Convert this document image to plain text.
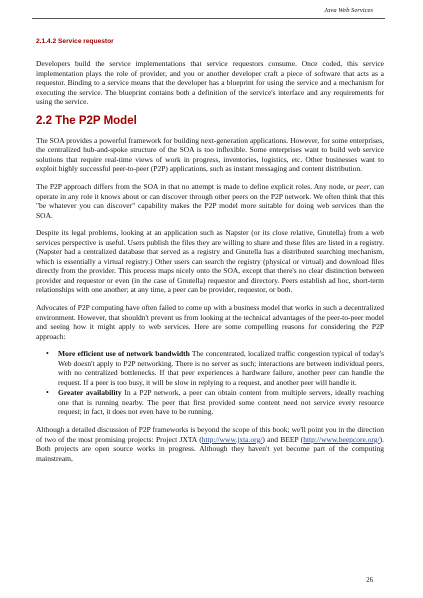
Java Web Services
2.1.4.2 Service requestor

Developers build the service implementations that service requestors consume. Once coded, this service implementation plays the role of provider, and you or another developer craft a piece of software that acts as a requestor. Binding to a service means that the developer has a blueprint for using the service and a mechanism for executing the service. The blueprint contains both a definition of the service's interface and any requirements for using the service.

2.2 The P2P Model

The SOA provides a powerful framework for building next-generation applications. However, for some enterprises, the centralized hub-and-spoke structure of the SOA is too inflexible. Some enterprises want to build web service solutions that require real-time views of work in progress, inventories, logistics, etc. Other businesses want to exploit highly successful peer-to-peer (P2P) applications, such as instant messaging and content distribution.

The P2P approach differs from the SOA in that no attempt is made to define explicit roles. Any node, or peer, can operate in any role it knows about or can discover through other peers on the P2P network. We often think that this "be whatever you can discover" capability makes the P2P model more suitable for doing web services than the SOA.

Despite its legal problems, looking at an application such as Napster (or its close relative, Gnutella) from a web services perspective is useful. Users publish the files they are willing to share and these files are listed in a registry. (Napster had a centralized database that served as a registry and Gnutella has a distributed searching mechanism, which is essentially a virtual registry.) Other users can search the registry (physical or virtual) and download files directly from the provider. This process maps nicely onto the SOA, except that there's no clear distinction between provider and requestor or even (in the case of Gnutella) requestor and directory. Peers establish ad hoc, short-term relationships with one another; at any time, a peer can be provider, requestor, or both.

Advocates of P2P computing have often failed to come up with a business model that works in such a decentralized environment. However, that shouldn't prevent us from looking at the technical advantages of the peer-to-peer model and seeing how it might apply to web services. Here are some compelling reasons for considering the P2P approach:

• More efficient use of network bandwidth The concentrated, localized traffic congestion typical of today's Web doesn't apply to P2P networking. There is no server as such; interactions are between individual peers, with no centralized bottlenecks. If that peer experiences a hardware failure, another peer can handle the request. If a peer is too busy, it will be slow in replying to a request, and another peer will handle it.
• Greater availability In a P2P network, a peer can obtain content from multiple servers, ideally reaching one that is running nearby. The peer that first provided some content need not service every resource request; in fact, it does not even have to be running.

Although a detailed discussion of P2P frameworks is beyond the scope of this book; we'll point you in the direction of two of the most promising projects: Project JXTA (http://www.jxta.org/) and BEEP (http://www.beepcore.org/). Both projects are open source works in progress. Although they haven't yet become part of the computing mainstream,

26
